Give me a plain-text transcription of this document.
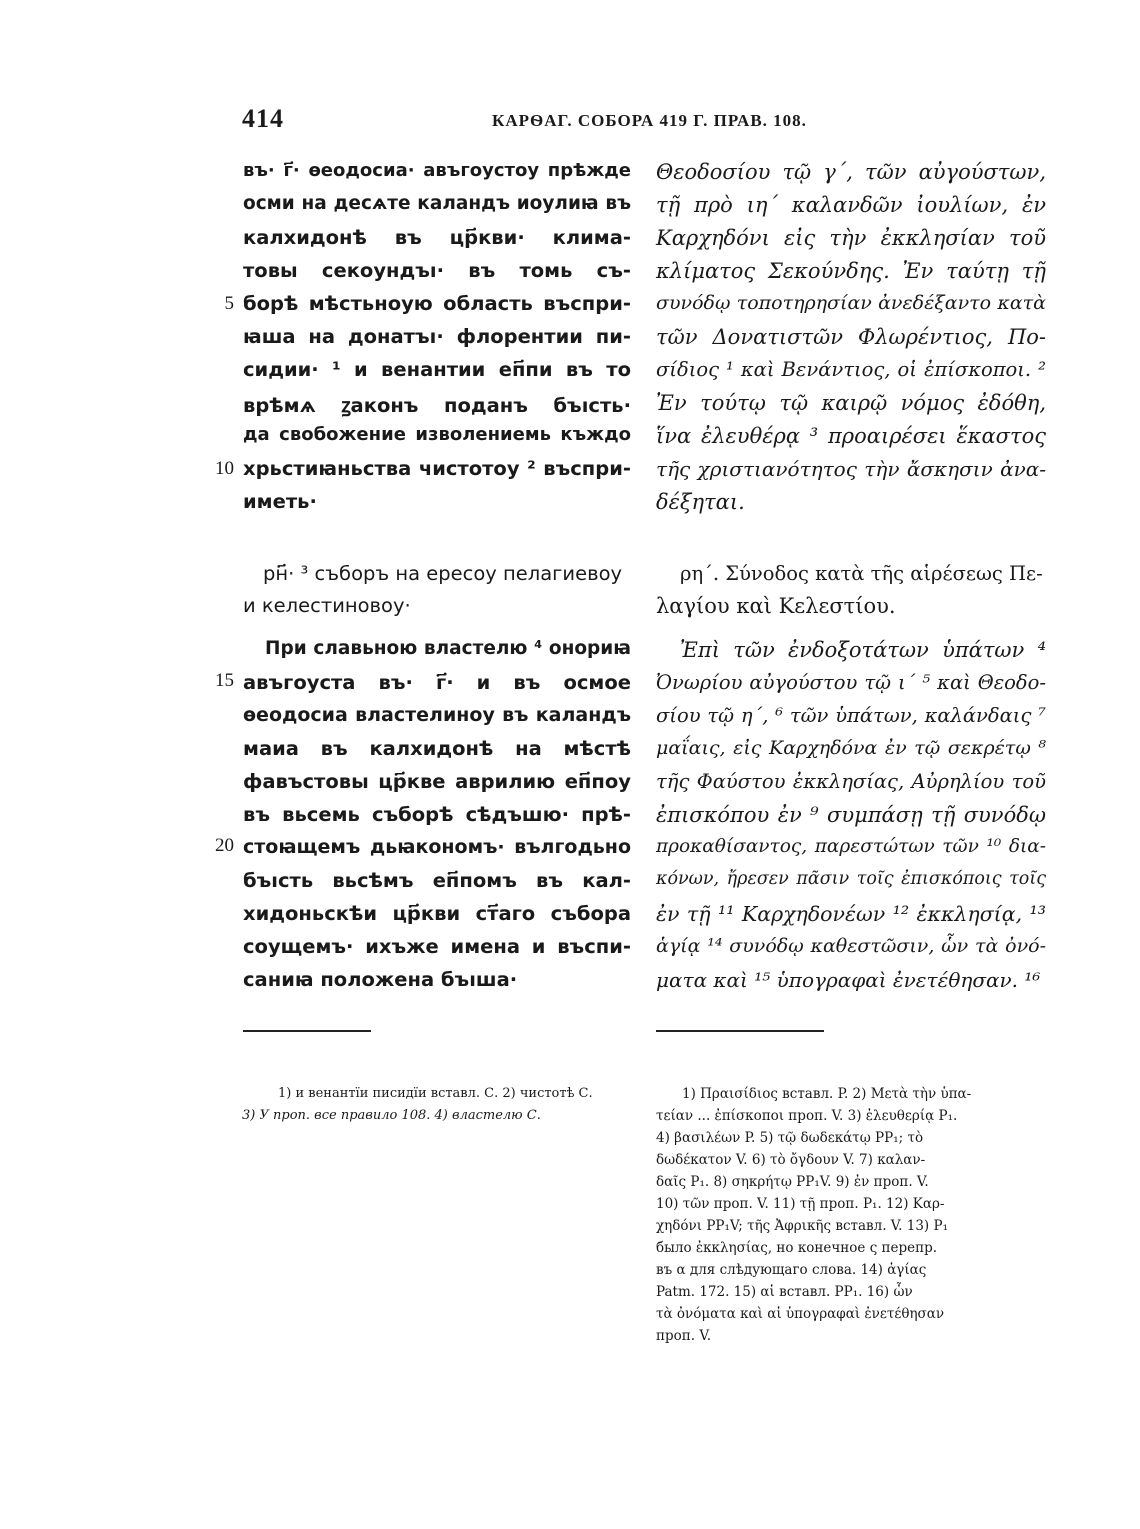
414	КАРѲАГ. СОБОРА 419 Г. ПРАВ. 108.
въ· г҃· ѳеодосиа· авъгоустоу прѣжде
осми на десѧте каландъ иоулиꙗ въ
калхидонѣ въ цр҃кви· клима-
товы секоундъı· въ томь съ-
борѣ мѣстьноую область въспри-
ꙗша на донатъı· флорентии пи-
сидии· ¹ и венантии еп҃пи въ то
врѣмѧ ꙁаконъ поданъ бъıсть·
да свобожение изволениемь къждо
хрьстиꙗньства чистотоу ² въспри-
иметь·
рн҃· ³ съборъ на ересоу пелагиевоу
и келестиновоу·
При славьною властелю ⁴ онориꙗ
авъгоуста въ· г҃· и въ осмое
ѳеодосиа властелиноу въ каландъ
маиа въ калхидонѣ на мѣстѣ
фавъстовы цр҃кве аврилию еп҃поу
въ вьсемь съборѣ сѣдъшю· прѣ-
стоꙗщемъ дьꙗкономъ· вългодьно
бъıсть вьсѣмъ еп҃помъ въ кал-
хидоньскѣи цр҃кви ст҃аго събора
соущемъ· ихъже имена и въспи-
саниꙗ положена бъıша·
5
10
15
20
Θεοδοσίου τῷ γ΄, τῶν αὐγούστων,
τῇ πρὸ ιη΄ καλανδῶν ἰουλίων, ἐν
Καρχηδόνι εἰς τὴν ἐκκλησίαν τοῦ
κλίματος Σεκούνδης. Ἐν ταύτῃ τῇ
συνόδῳ τοποτηρησίαν ἀνεδέξαντο κατὰ
τῶν Δονατιστῶν Φλωρέντιος, Πο-
σίδιος ¹ καὶ Βενάντιος, οἱ ἐπίσκοποι. ²
Ἐν τούτῳ τῷ καιρῷ νόμος ἐδόθη,
ἵνα ἐλευθέρᾳ ³ προαιρέσει ἕκαστος
τῆς χριστιανότητος τὴν ἄσκησιν ἀνα-
δέξηται.
ρη΄. Σύνοδος κατὰ τῆς αἱρέσεως Πε-
λαγίου καὶ Κελεστίου.
Ἐπὶ τῶν ἐνδοξοτάτων ὑπάτων ⁴
Ὀνωρίου αὐγούστου τῷ ι΄ ⁵ καὶ Θεοδο-
σίου τῷ η΄, ⁶ τῶν ὑπάτων, καλάνδαις ⁷
μαΐαις, εἰς Καρχηδόνα ἐν τῷ σεκρέτῳ ⁸
τῆς Φαύστου ἐκκλησίας, Αὐρηλίου τοῦ
ἐπισκόπου ἐν ⁹ συμπάσῃ τῇ συνόδῳ
προκαθίσαντος, παρεστώτων τῶν ¹⁰ δια-
κόνων, ἤρεσεν πᾶσιν τοῖς ἐπισκόποις τοῖς
ἐν τῇ ¹¹ Καρχηδονέων ¹² ἐκκλησίᾳ, ¹³
ἁγίᾳ ¹⁴ συνόδῳ καθεστῶσιν, ὧν τὰ ὀνό-
ματα καὶ ¹⁵ ὑπογραφαὶ ἐνετέθησαν. ¹⁶
1) и венантїи писидїи вставл. С. 2) чистотѣ С.
3) У проп. все правило 108. 4) властелю С.
1) Πραισίδιος вставл. P. 2) Μετὰ τὴν ὑπα-
τείαν ... ἐπίσκοποι проп. V. 3) ἐλευθερίᾳ P₁.
4) βασιλέων P. 5) τῷ δωδεκάτῳ PP₁; τὸ
δωδέκατον V. 6) τὸ ὄγδουν V. 7) καλαν-
δαῖς P₁. 8) σηκρήτῳ PP₁V. 9) ἐν проп. V.
10) τῶν проп. V. 11) τῇ проп. P₁. 12) Καρ-
χηδόνι PP₁V; τῆς Ἀφρικῆς вставл. V. 13) P₁
было ἐκκλησίας, но конечное ς перепр.
въ α для слѣдующаго слова. 14) ἁγίας
Patm. 172. 15) αἱ вставл. PP₁. 16) ὧν
τὰ ὀνόματα καὶ αἱ ὑπογραφαὶ ἐνετέθησαν
проп. V.
